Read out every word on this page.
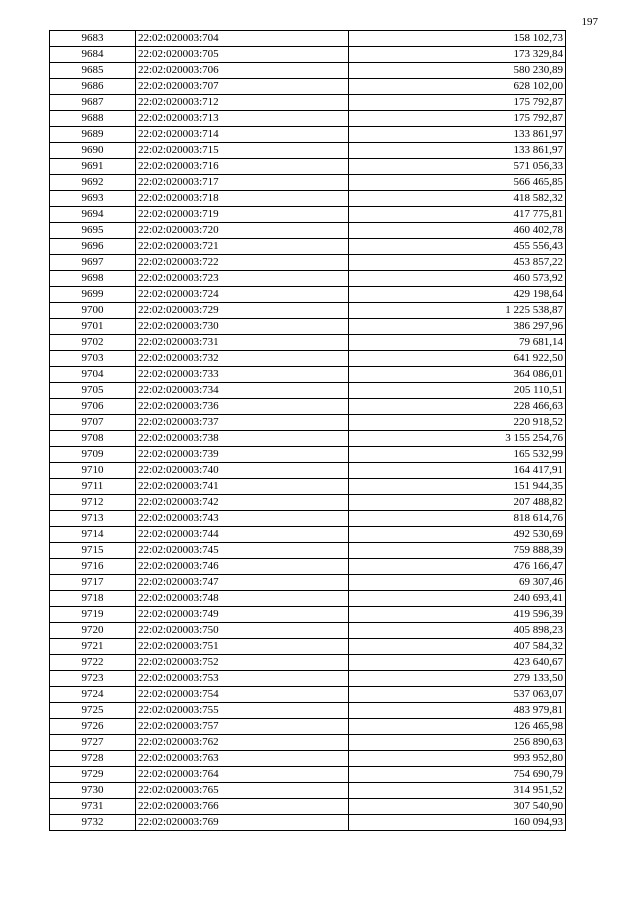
197
9683	22:02:020003:704	158 102,73
9684	22:02:020003:705	173 329,84
9685	22:02:020003:706	580 230,89
9686	22:02:020003:707	628 102,00
9687	22:02:020003:712	175 792,87
9688	22:02:020003:713	175 792,87
9689	22:02:020003:714	133 861,97
9690	22:02:020003:715	133 861,97
9691	22:02:020003:716	571 056,33
9692	22:02:020003:717	566 465,85
9693	22:02:020003:718	418 582,32
9694	22:02:020003:719	417 775,81
9695	22:02:020003:720	460 402,78
9696	22:02:020003:721	455 556,43
9697	22:02:020003:722	453 857,22
9698	22:02:020003:723	460 573,92
9699	22:02:020003:724	429 198,64
9700	22:02:020003:729	1 225 538,87
9701	22:02:020003:730	386 297,96
9702	22:02:020003:731	79 681,14
9703	22:02:020003:732	641 922,50
9704	22:02:020003:733	364 086,01
9705	22:02:020003:734	205 110,51
9706	22:02:020003:736	228 466,63
9707	22:02:020003:737	220 918,52
9708	22:02:020003:738	3 155 254,76
9709	22:02:020003:739	165 532,99
9710	22:02:020003:740	164 417,91
9711	22:02:020003:741	151 944,35
9712	22:02:020003:742	207 488,82
9713	22:02:020003:743	818 614,76
9714	22:02:020003:744	492 530,69
9715	22:02:020003:745	759 888,39
9716	22:02:020003:746	476 166,47
9717	22:02:020003:747	69 307,46
9718	22:02:020003:748	240 693,41
9719	22:02:020003:749	419 596,39
9720	22:02:020003:750	405 898,23
9721	22:02:020003:751	407 584,32
9722	22:02:020003:752	423 640,67
9723	22:02:020003:753	279 133,50
9724	22:02:020003:754	537 063,07
9725	22:02:020003:755	483 979,81
9726	22:02:020003:757	126 465,98
9727	22:02:020003:762	256 890,63
9728	22:02:020003:763	993 952,80
9729	22:02:020003:764	754 690,79
9730	22:02:020003:765	314 951,52
9731	22:02:020003:766	307 540,90
9732	22:02:020003:769	160 094,93
